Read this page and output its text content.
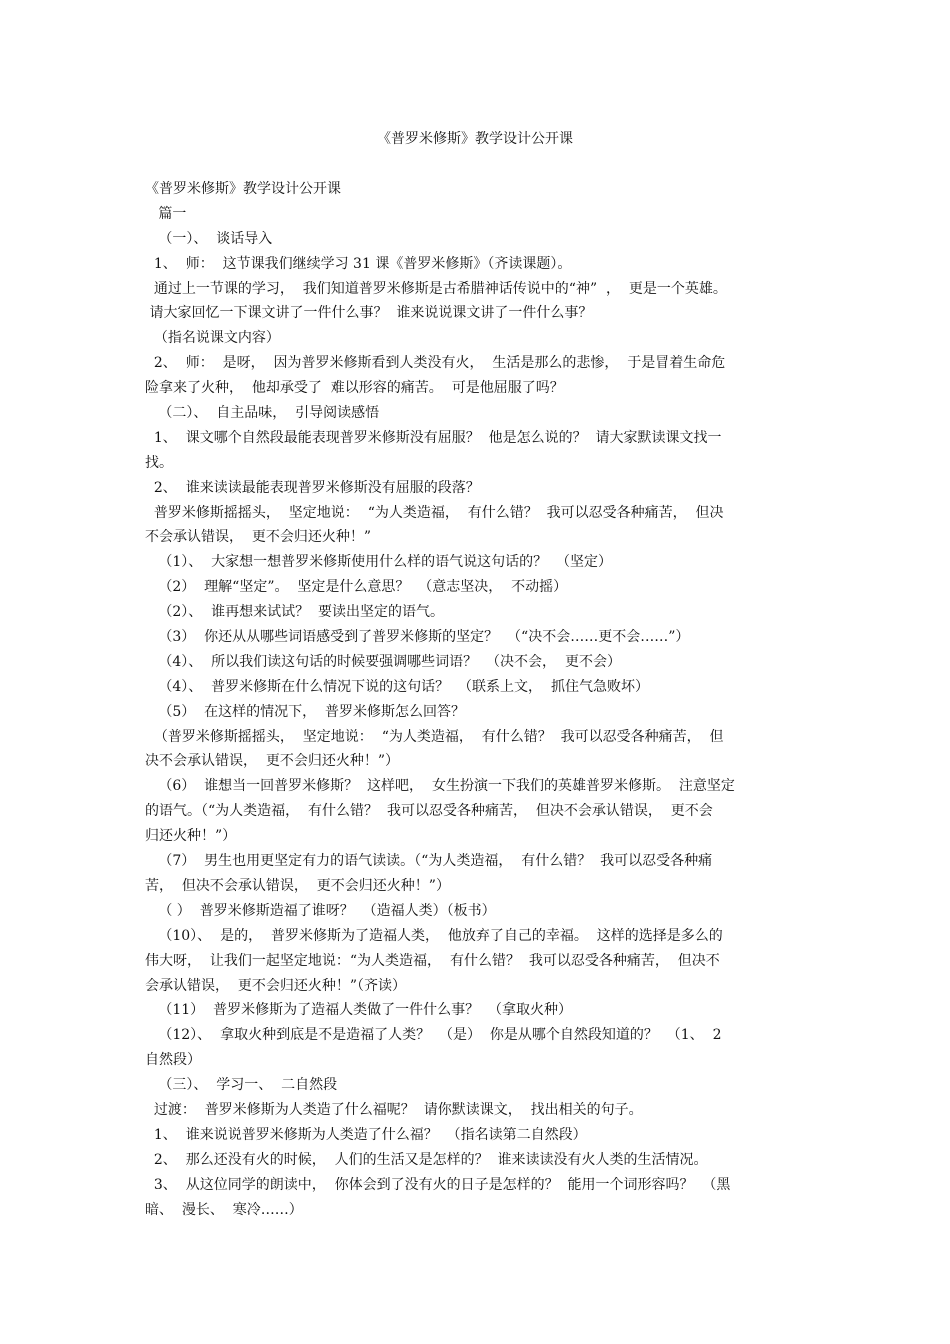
《普罗米修斯》教学设计公开课
《普罗米修斯》教学设计公开课
篇一
（一）、  谈话导入
1、  师：  这节课我们继续学习 31 课《普罗米修斯》（齐读课题）。
通过上一节课的学习，  我们知道普罗米修斯是古希腊神话传说中的“神”  ，  更是一个英雄。
请大家回忆一下课文讲了一件什么事？  谁来说说课文讲了一件什么事？
（指名说课文内容）
2、  师：  是呀，  因为普罗米修斯看到人类没有火，  生活是那么的悲惨，  于是冒着生命危
险拿来了火种，  他却承受了  难以形容的痛苦。  可是他屈服了吗？
（二）、  自主品味，  引导阅读感悟
1、  课文哪个自然段最能表现普罗米修斯没有屈服？  他是怎么说的？  请大家默读课文找一
找。
2、  谁来读读最能表现普罗米修斯没有屈服的段落？
普罗米修斯摇摇头，  坚定地说：  “为人类造福，  有什么错？  我可以忍受各种痛苦，  但决
不会承认错误，  更不会归还火种！”
（1）、  大家想一想普罗米修斯使用什么样的语气说这句话的？  （坚定）
（2）  理解“坚定”。  坚定是什么意思？  （意志坚决，  不动摇）
（2）、  谁再想来试试？  要读出坚定的语气。
（3）  你还从从哪些词语感受到了普罗米修斯的坚定？  （“决不会……更不会……”）
（4）、  所以我们读这句话的时候要强调哪些词语？  （决不会，  更不会）
（4）、  普罗米修斯在什么情况下说的这句话？  （联系上文，  抓住气急败坏）
（5）  在这样的情况下，  普罗米修斯怎么回答？
（普罗米修斯摇摇头，  坚定地说：  “为人类造福，  有什么错？  我可以忍受各种痛苦，  但
决不会承认错误，  更不会归还火种！”）
（6）  谁想当一回普罗米修斯？  这样吧，  女生扮演一下我们的英雄普罗米修斯。  注意坚定
的语气。（“为人类造福，  有什么错？  我可以忍受各种痛苦，  但决不会承认错误，  更不会
归还火种！”）
（7）  男生也用更坚定有力的语气读读。（“为人类造福，  有什么错？  我可以忍受各种痛
苦，  但决不会承认错误，  更不会归还火种！”）
（ ）  普罗米修斯造福了谁呀？  （造福人类）（板书）
（10）、  是的，  普罗米修斯为了造福人类，  他放弃了自己的幸福。  这样的选择是多么的
伟大呀，  让我们一起坚定地说：“为人类造福，  有什么错？  我可以忍受各种痛苦，  但决不
会承认错误，  更不会归还火种！”（齐读）
（11）  普罗米修斯为了造福人类做了一件什么事？  （拿取火种）
（12）、  拿取火种到底是不是造福了人类？  （是）  你是从哪个自然段知道的？  （1、  2
自然段）
（三）、  学习一、  二自然段
过渡：  普罗米修斯为人类造了什么福呢？  请你默读课文，  找出相关的句子。
1、  谁来说说普罗米修斯为人类造了什么福？  （指名读第二自然段）
2、  那么还没有火的时候，  人们的生活又是怎样的？  谁来读读没有火人类的生活情况。
3、  从这位同学的朗读中，  你体会到了没有火的日子是怎样的？  能用一个词形容吗？  （黑
暗、  漫长、  寒冷……）
